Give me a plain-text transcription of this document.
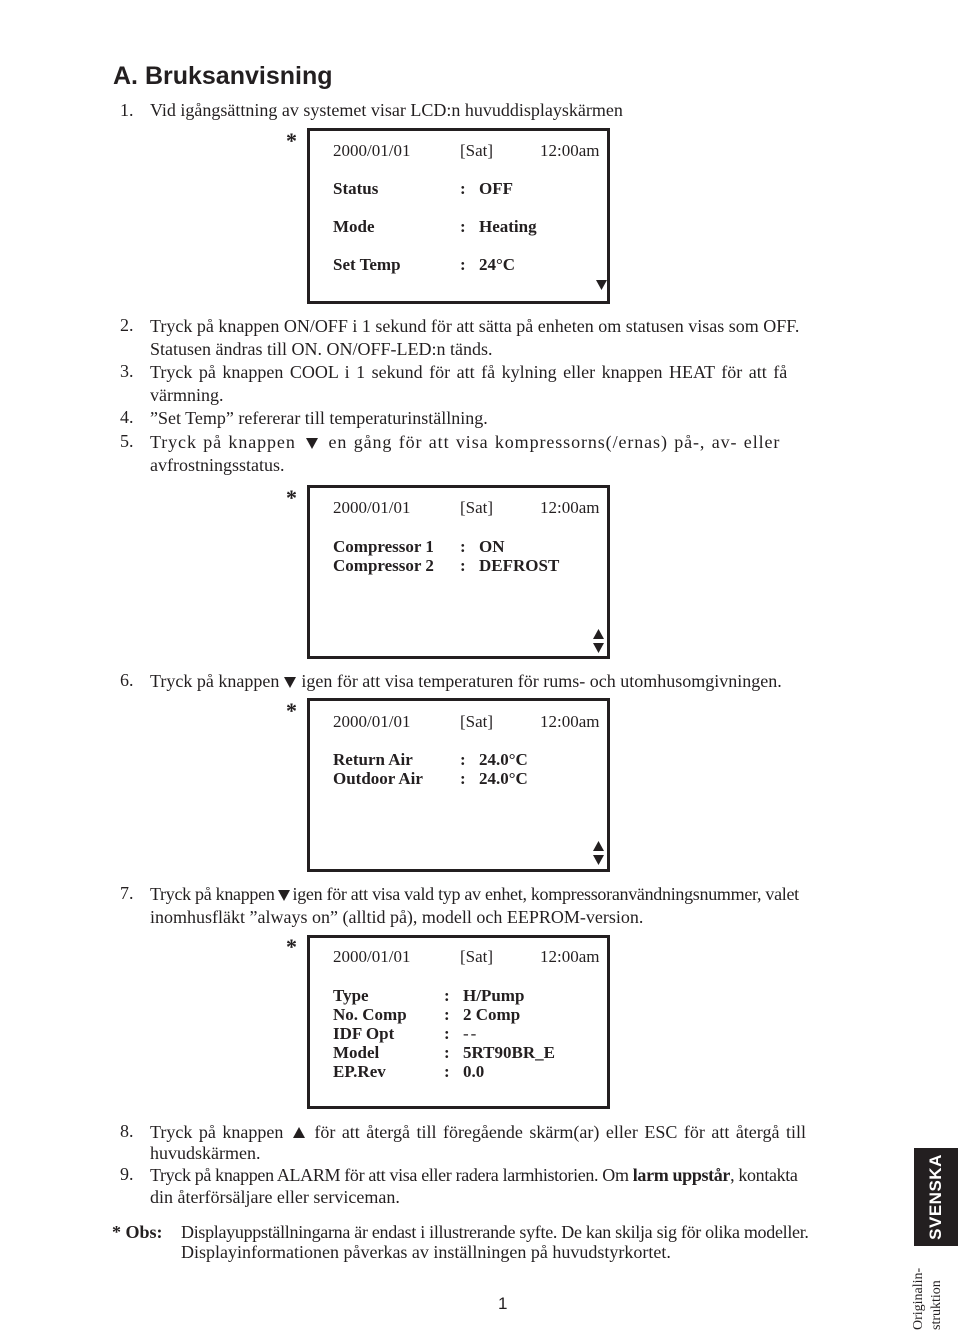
A. Bruksanvisning
1. Vid igångsättning av systemet visar LCD:n huvuddisplayskärmen
* 2000/01/01	[Sat]	12:00am
Status	: OFF
Mode	: Heating
Set Temp	: 24°C
2. Tryck på knappen ON/OFF i 1 sekund för att sätta på enheten om statusen visas som OFF.
Statusen ändras till ON. ON/OFF-LED:n tänds.
3. Tryck på knappen COOL i 1 sekund för att få kylning eller knappen HEAT för att få
värmning.
4. ”Set Temp” refererar till temperaturinställning.
5. Tryck på knappen en gång för att visa kompressorns(/ernas) på-, av- eller
avfrostningsstatus.
* 2000/01/01	[Sat]	12:00am
Compressor 1 : ON
Compressor 2 : DEFROST
6. Tryck på knappen igen för att visa temperaturen för rums- och utomhusomgivningen.
* 2000/01/01	[Sat]	12:00am
Return Air	: 24.0°C
Outdoor Air : 24.0°C
7. Tryck på knappen igen för att visa vald typ av enhet, kompressoranvändningsnummer, valet
inomhusfläkt ”always on” (alltid på), modell och EEPROM-version.
* 2000/01/01	[Sat]	12:00am
Type	: H/Pump
No. Comp : 2 Comp
IDF Opt	: --
Model	: 5RT90BR_E
EP.Rev	: 0.0
8. Tryck på knappen för att återgå till föregående skärm(ar) eller ESC för att återgå till
huvudskärmen.
9. Tryck på knappen ALARM för att visa eller radera larmhistorien. Om larm uppstår, kontakta
din återförsäljare eller serviceman.
* Obs: Displayuppställningarna är endast i illustrerande syfte. De kan skilja sig för olika modeller.
Displayinformationen påverkas av inställningen på huvudstyrkortet.
1
SVENSKA
Originalin- struktion
